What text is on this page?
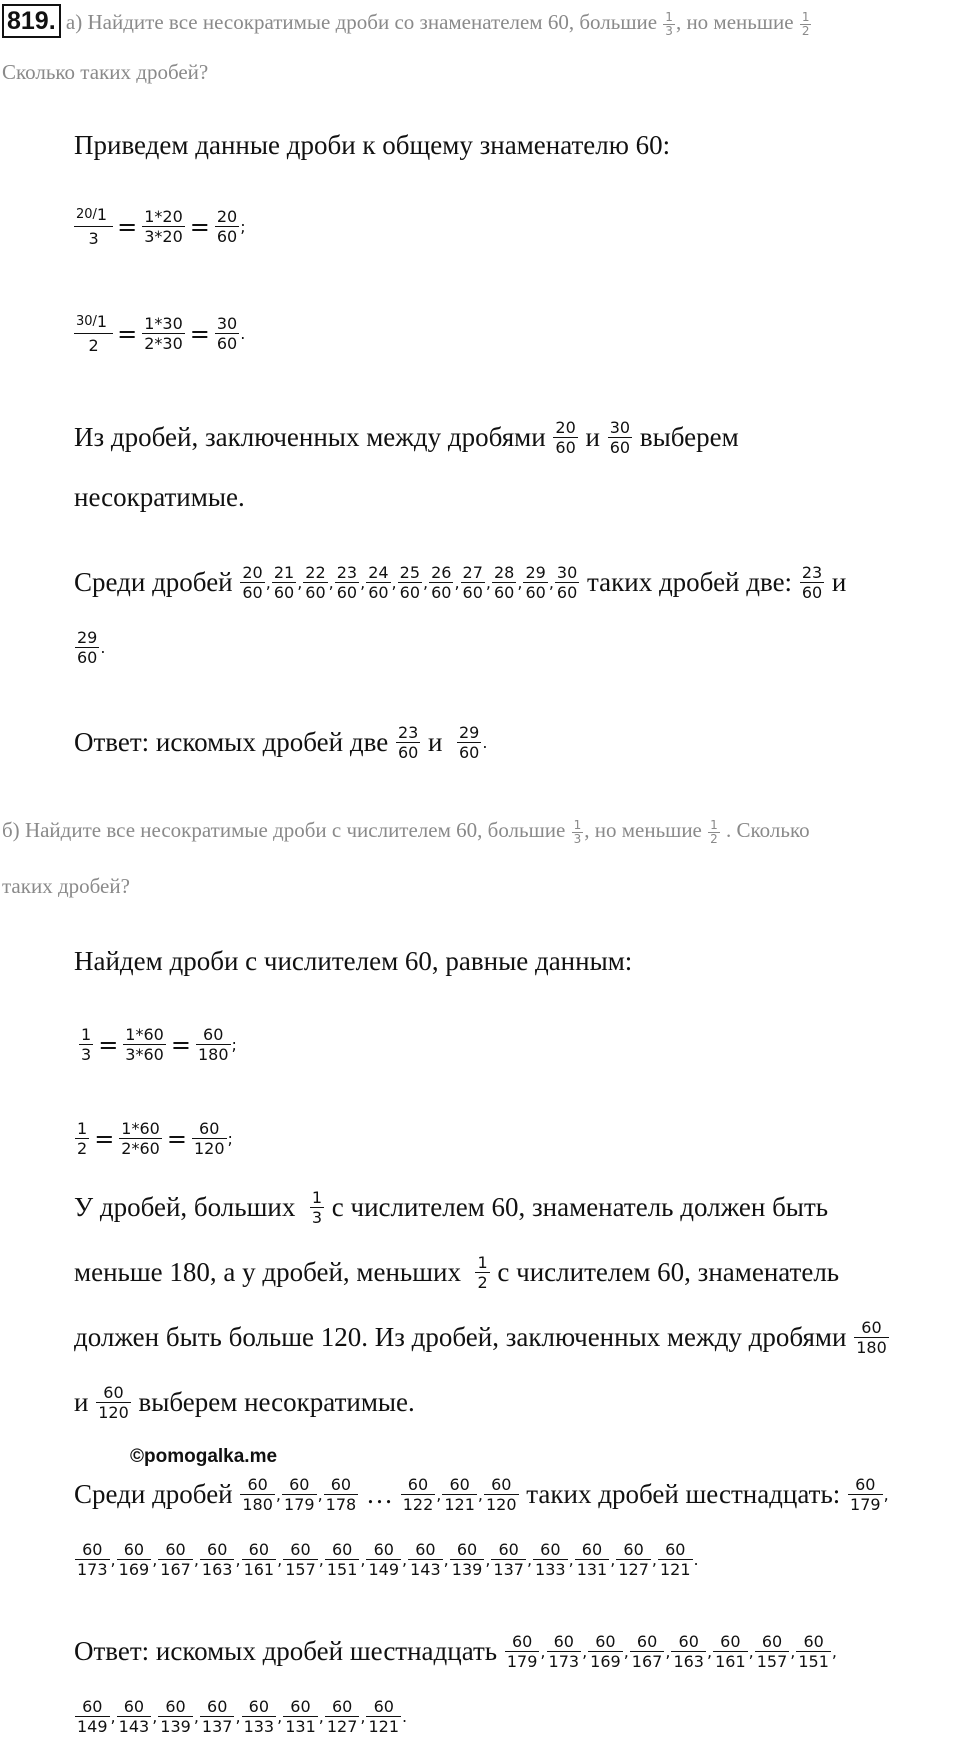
819. а) Найдите все несократимые дроби со знаменателем 60, большие $\frac{1}{3}$ , но меньшие $\frac{1}{2}$
Сколько таких дробей?
Приведем данные дроби к общему знаменателю 60:
$\frac{^{20/}1}{3} = \frac{1*20}{3*20} = \frac{20}{60}$ ;
$\frac{^{30/}1}{2} = \frac{1*30}{2*30} = \frac{30}{60}$ .
Из дробей, заключенных между дробями
20
60
и
30
60
выберем
несократимые.
Среди дробей
20
60
,
21
60
,
22
60
,
23
60
,
24
60
,
25
60
,
26
60
,
27
60
,
28
60
,
29
60
,
30
60
таких дробей две:
23
60
и
29
60
.
Ответ: искомых дробей две
23
60
и
29
60
.
б) Найдите все несократимые дроби с числителем 60, большие $\frac{1}{3}$ , но меньшие $\frac{1}{2}$ . Сколько
таких дробей?
Найдем дроби с числителем 60, равные данным:
$\frac{1}{3} = \frac{1*60}{3*60} = \frac{60}{180}$ ;
$\frac{1}{2} = \frac{1*60}{2*60} = \frac{60}{120}$ ;
У дробей, больших
1
3
с числителем 60, знаменатель должен быть
меньше 180, а у дробей, меньших
1
2
с числителем 60, знаменатель
должен быть больше 120. Из дробей, заключенных между дробями
60
180
и
60
120
выберем несократимые.
©pomogalka.me
Среди дробей
60
180
,
60
179
,
60
178
…
60
122
,
60
121
,
60
120
таких дробей шестнадцать:
60
179
,
60
173
,
60
169
,
60
167
,
60
163
,
60
161
,
60
157
,
60
151
,
60
149
,
60
143
,
60
139
,
60
137
,
60
133
,
60
131
,
60
127
,
60
121
.
Ответ: искомых дробей шестнадцать
60
179
,
60
173
,
60
169
,
60
167
,
60
163
,
60
161
,
60
157
,
60
151
,
60
149
,
60
143
,
60
139
,
60
137
,
60
133
,
60
131
,
60
127
,
60
121
.
